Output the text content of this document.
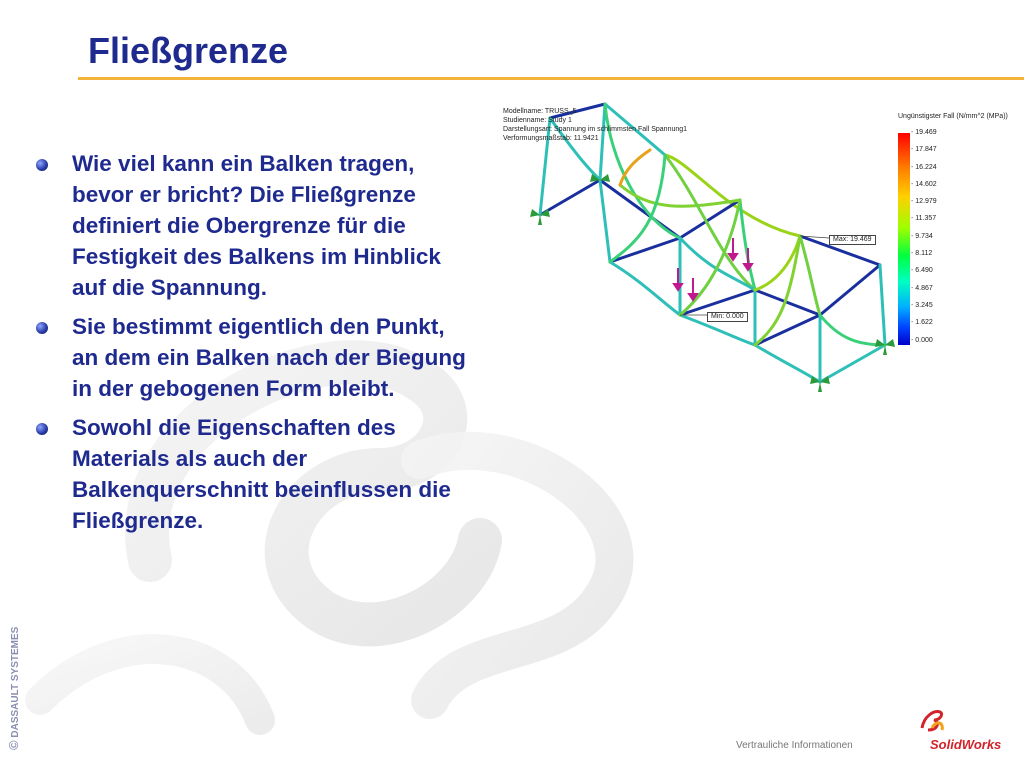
Fließgrenze
Wie viel kann ein Balken tragen, bevor er bricht? Die Fließgrenze definiert die Obergrenze für die Festigkeit des Balkens im Hinblick auf die Spannung.
Sie bestimmt eigentlich den Punkt, an dem ein Balken nach der Biegung in der gebogenen Form bleibt.
Sowohl die Eigenschaften des Materials als auch der Balkenquerschnitt beeinflussen die Fließgrenze.
Modellname: TRUSS_5
Studienname: Study 1
Darstellungsart: Spannung im schlimmsten Fall Spannung1
Verformungsmaßstab: 11.9421
Max: 19.469
Min: 0.000
Ungünstigster Fall (N/mm^2 (MPa))
- 19.469
- 17.847
- 16.224
- 14.602
- 12.979
- 11.357
- 9.734
- 8.112
- 6.490
- 4.867
- 3.245
- 1.622
- 0.000
© DASSAULT SYSTEMES
Vertrauliche Informationen	SolidWorks
